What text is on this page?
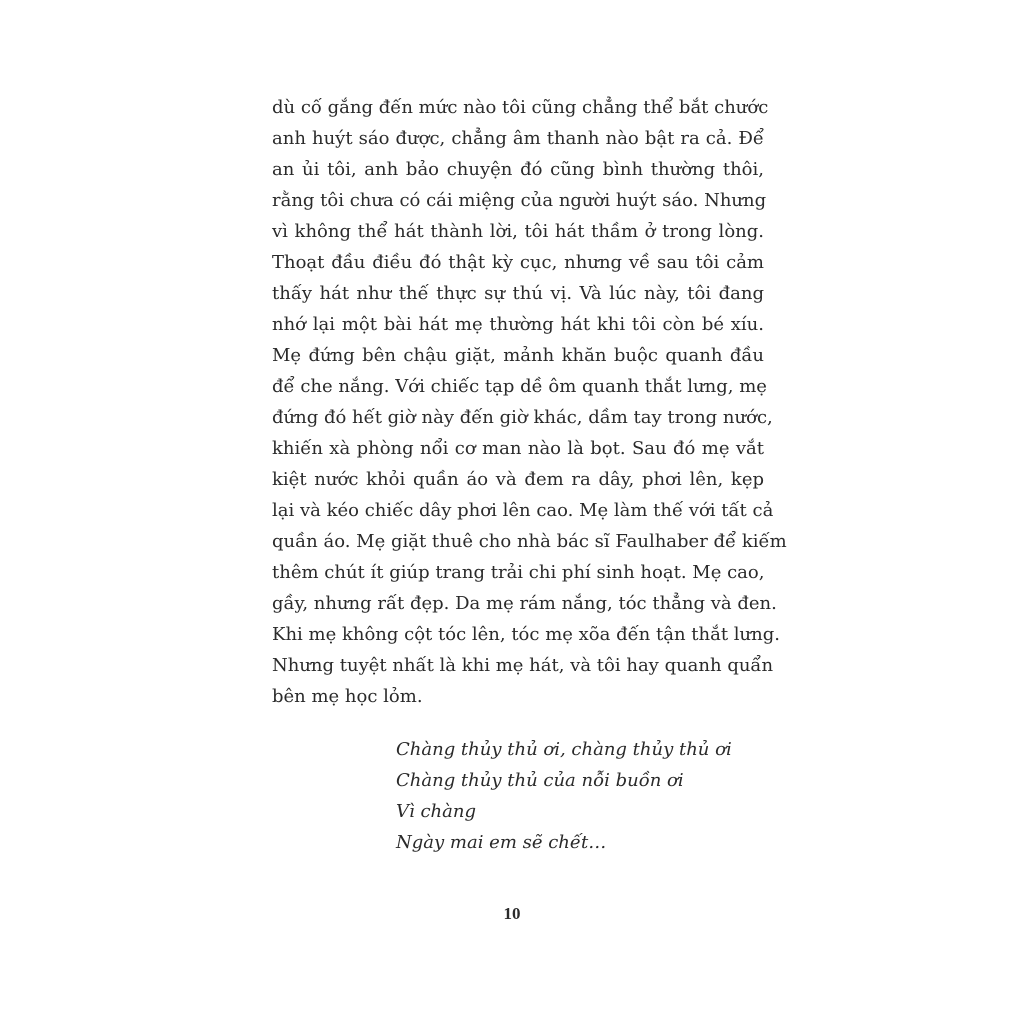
dù cố gắng đến mức nào tôi cũng chẳng thể bắt chước
anh huýt sáo được, chẳng âm thanh nào bật ra cả. Để
an ủi tôi, anh bảo chuyện đó cũng bình thường thôi,
rằng tôi chưa có cái miệng của người huýt sáo. Nhưng
vì không thể hát thành lời, tôi hát thầm ở trong lòng.
Thoạt đầu điều đó thật kỳ cục, nhưng về sau tôi cảm
thấy hát như thế thực sự thú vị. Và lúc này, tôi đang
nhớ lại một bài hát mẹ thường hát khi tôi còn bé xíu.
Mẹ đứng bên chậu giặt, mảnh khăn buộc quanh đầu
để che nắng. Với chiếc tạp dề ôm quanh thắt lưng, mẹ
đứng đó hết giờ này đến giờ khác, dầm tay trong nước,
khiến xà phòng nổi cơ man nào là bọt. Sau đó mẹ vắt
kiệt nước khỏi quần áo và đem ra dây, phơi lên, kẹp
lại và kéo chiếc dây phơi lên cao. Mẹ làm thế với tất cả
quần áo. Mẹ giặt thuê cho nhà bác sĩ Faulhaber để kiếm
thêm chút ít giúp trang trải chi phí sinh hoạt. Mẹ cao,
gầy, nhưng rất đẹp. Da mẹ rám nắng, tóc thẳng và đen.
Khi mẹ không cột tóc lên, tóc mẹ xõa đến tận thắt lưng.
Nhưng tuyệt nhất là khi mẹ hát, và tôi hay quanh quẩn
bên mẹ học lỏm.
Chàng thủy thủ ơi, chàng thủy thủ ơi
Chàng thủy thủ của nỗi buồn ơi
Vì chàng
Ngày mai em sẽ chết…
10
